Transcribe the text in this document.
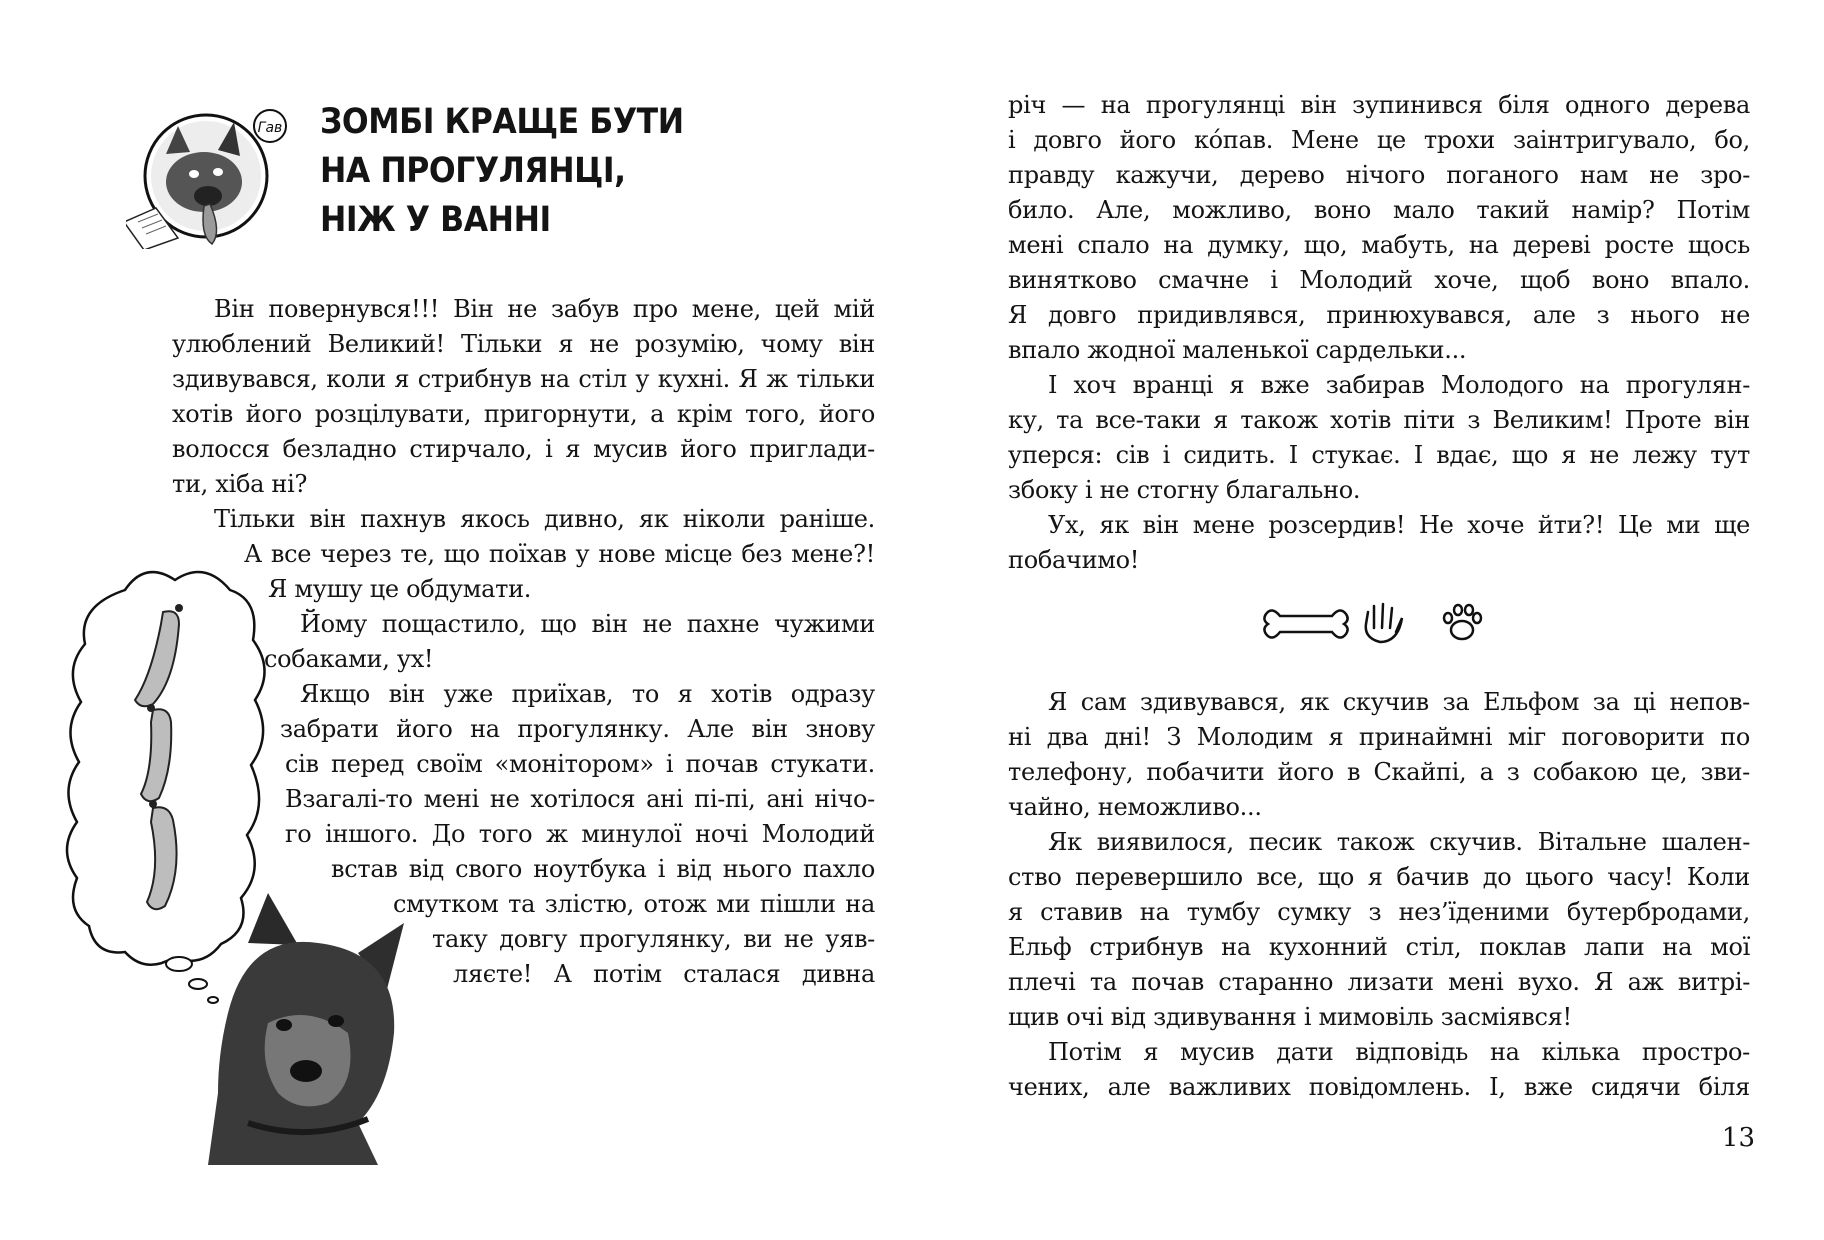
Гав ЗОМБІ КРАЩЕ БУТИ
НА ПРОГУЛЯНЦІ,
НІЖ У ВАННІ

Він повернувся!!! Він не забув про мене, цей мій

улюблений Великий! Тільки я не розумію, чому він

здивувався, коли я стрибнув на стіл у кухні. Я ж тільки

хотів його розцілувати, пригорнути, а крім того, його

волосся безладно стирчало, і я мусив його приглади-

ти, хіба ні?

Тільки він пахнув якось дивно, як ніколи раніше.

А все через те, що поїхав у нове місце без мене?!

Я мушу це обдумати.

Йому пощастило, що він не пахне чужими

собаками, ух!

Якщо він уже приїхав, то я хотів одразу

забрати його на прогулянку. Але він знову

сів перед своїм «монітором» і почав стукати.

Взагалі-то мені не хотілося ані пі-пі, ані нічо-

го іншого. До того ж минулої ночі Молодий

встав від свого ноутбука і від нього пахло

смутком та злістю, отож ми пішли на

таку довгу прогулянку, ви не уяв-

ляєте! А потім сталася дивна

річ — на прогулянці він зупинився біля одного дерева

і довго його ко́пав. Мене це трохи заінтригувало, бо,

правду кажучи, дерево нічого поганого нам не зро-

било. Але, можливо, воно мало такий намір? Потім

мені спало на думку, що, мабуть, на дереві росте щось

винятково смачне і Молодий хоче, щоб воно впало.

Я довго придивлявся, принюхувався, але з нього не

впало жодної маленької сардельки...

І хоч вранці я вже забирав Молодого на прогулян-

ку, та все-таки я також хотів піти з Великим! Проте він

уперся: сів і сидить. І стукає. І вдає, що я не лежу тут

збоку і не стогну благально.

Ух, як він мене розсердив! Не хоче йти?! Це ми ще

побачимо!

Я сам здивувався, як скучив за Ельфом за ці непов-

ні два дні! З Молодим я принаймні міг поговорити по

телефону, побачити його в Скайпі, а з собакою це, зви-

чайно, неможливо...

Як виявилося, песик також скучив. Вітальне шален-

ство перевершило все, що я бачив до цього часу! Коли

я ставив на тумбу сумку з нез’їденими бутербродами,

Ельф стрибнув на кухонний стіл, поклав лапи на мої

плечі та почав старанно лизати мені вухо. Я аж витрі-

щив очі від здивування і мимовіль засміявся!

Потім я мусив дати відповідь на кілька простро-

чених, але важливих повідомлень. І, вже сидячи біля

13
